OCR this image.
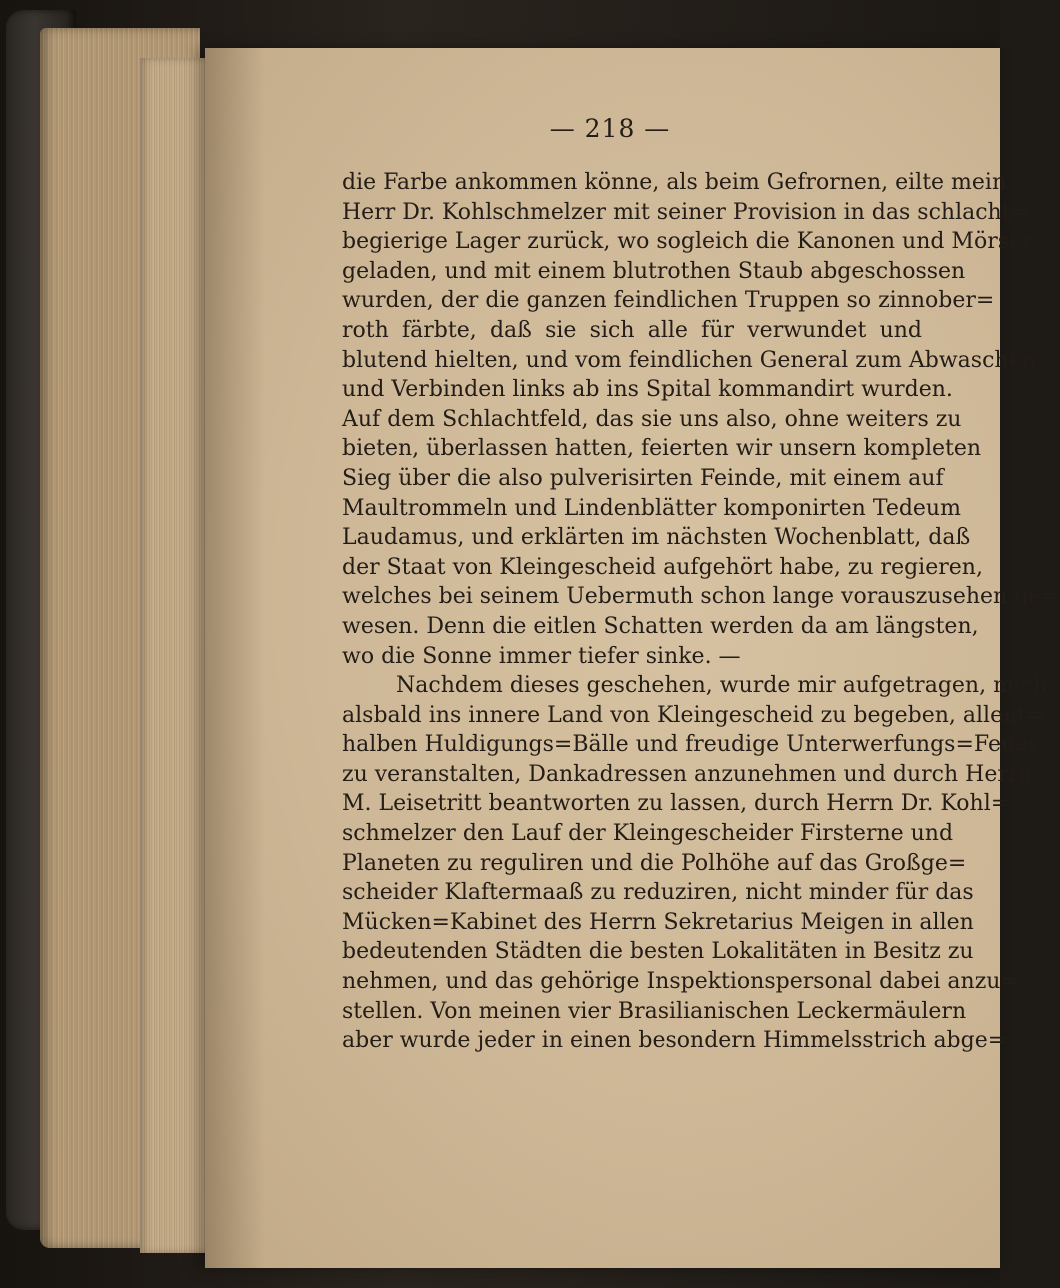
— 218 —
die Farbe ankommen könne, als beim Gefrornen, eilte mein
Herr Dr. Kohlschmelzer mit seiner Provision in das schlacht=
begierige Lager zurück, wo sogleich die Kanonen und Mörser
geladen, und mit einem blutrothen Staub abgeschossen
wurden, der die ganzen feindlichen Truppen so zinnober=
roth färbte, daß sie sich alle für verwundet und
blutend hielten, und vom feindlichen General zum Abwaschen
und Verbinden links ab ins Spital kommandirt wurden.
Auf dem Schlachtfeld, das sie uns also, ohne weiters zu
bieten, überlassen hatten, feierten wir unsern kompleten
Sieg über die also pulverisirten Feinde, mit einem auf
Maultrommeln und Lindenblätter komponirten Tedeum
Laudamus, und erklärten im nächsten Wochenblatt, daß
der Staat von Kleingescheid aufgehört habe, zu regieren,
welches bei seinem Uebermuth schon lange vorauszusehen ge=
wesen. Denn die eitlen Schatten werden da am längsten,
wo die Sonne immer tiefer sinke. —
Nachdem dieses geschehen, wurde mir aufgetragen, mich
alsbald ins innere Land von Kleingescheid zu begeben, allent=
halben Huldigungs=Bälle und freudige Unterwerfungs=Feuer
zu veranstalten, Dankadressen anzunehmen und durch Herrn
M. Leisetritt beantworten zu lassen, durch Herrn Dr. Kohl=
schmelzer den Lauf der Kleingescheider Firsterne und
Planeten zu reguliren und die Polhöhe auf das Großge=
scheider Klaftermaaß zu reduziren, nicht minder für das
Mücken=Kabinet des Herrn Sekretarius Meigen in allen
bedeutenden Städten die besten Lokalitäten in Besitz zu
nehmen, und das gehörige Inspektionspersonal dabei anzu=
stellen. Von meinen vier Brasilianischen Leckermäulern
aber wurde jeder in einen besondern Himmelsstrich abge=
